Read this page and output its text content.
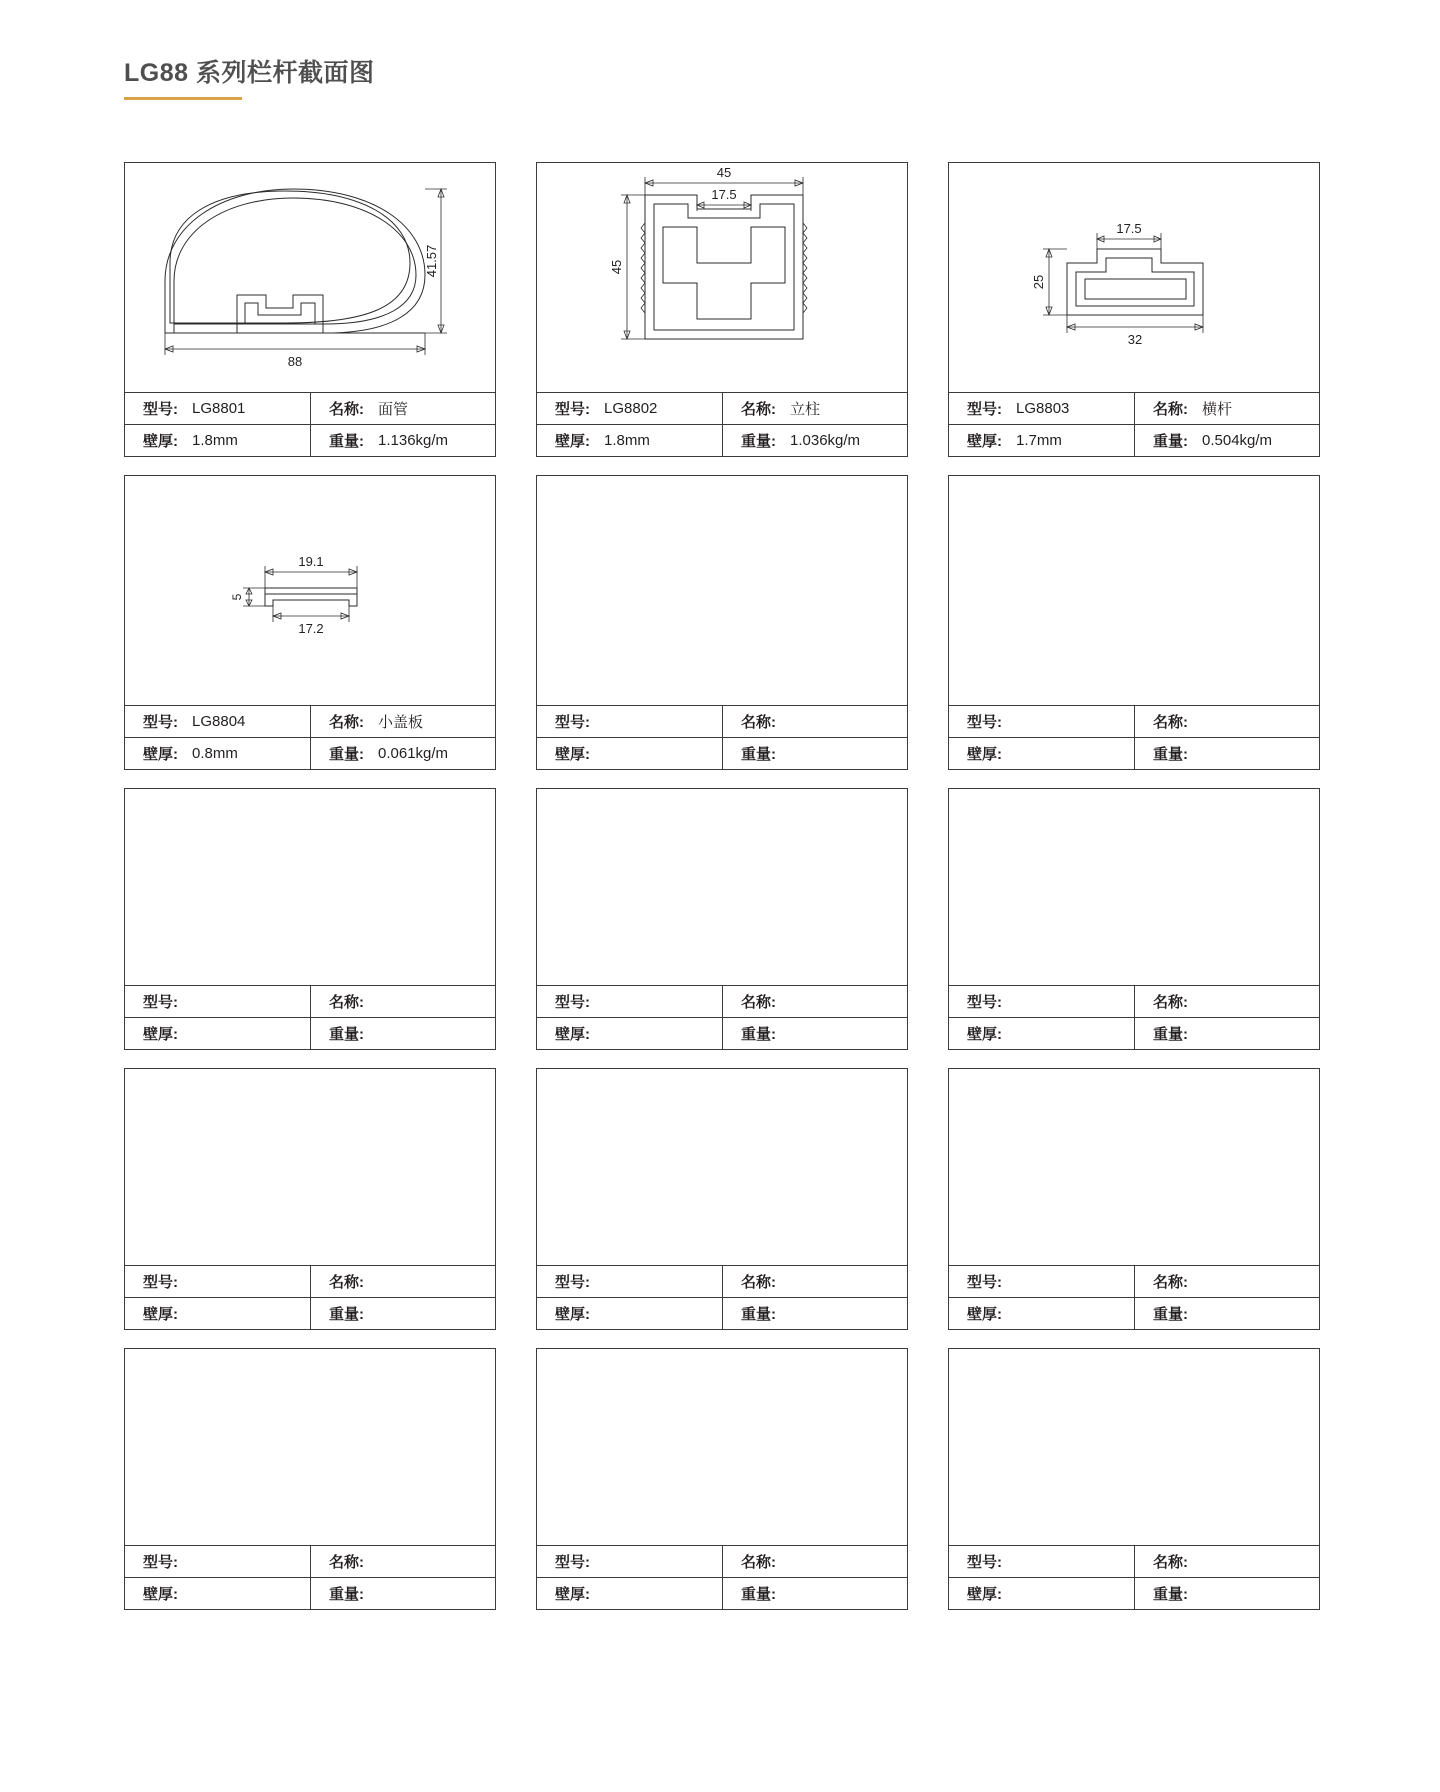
LG88 系列栏杆截面图
88
41.57
型号: LG8801	名称: 面管
壁厚: 1.8mm	重量: 1.136kg/m
45
17.5
45
型号: LG8802	名称: 立柱
壁厚: 1.8mm	重量: 1.036kg/m
17.5
25
32
型号: LG8803	名称: 横杆
壁厚: 1.7mm	重量: 0.504kg/m
19.1
17.2
5
型号: LG8804	名称: 小盖板
壁厚: 0.8mm	重量: 0.061kg/m
型号:	名称:
壁厚:	重量:
型号:	名称:
壁厚:	重量:
型号:	名称:
壁厚:	重量:
型号:	名称:
壁厚:	重量:
型号:	名称:
壁厚:	重量:
型号:	名称:
壁厚:	重量:
型号:	名称:
壁厚:	重量:
型号:	名称:
壁厚:	重量:
型号:	名称:
壁厚:	重量:
型号:	名称:
壁厚:	重量:
型号:	名称:
壁厚:	重量:
